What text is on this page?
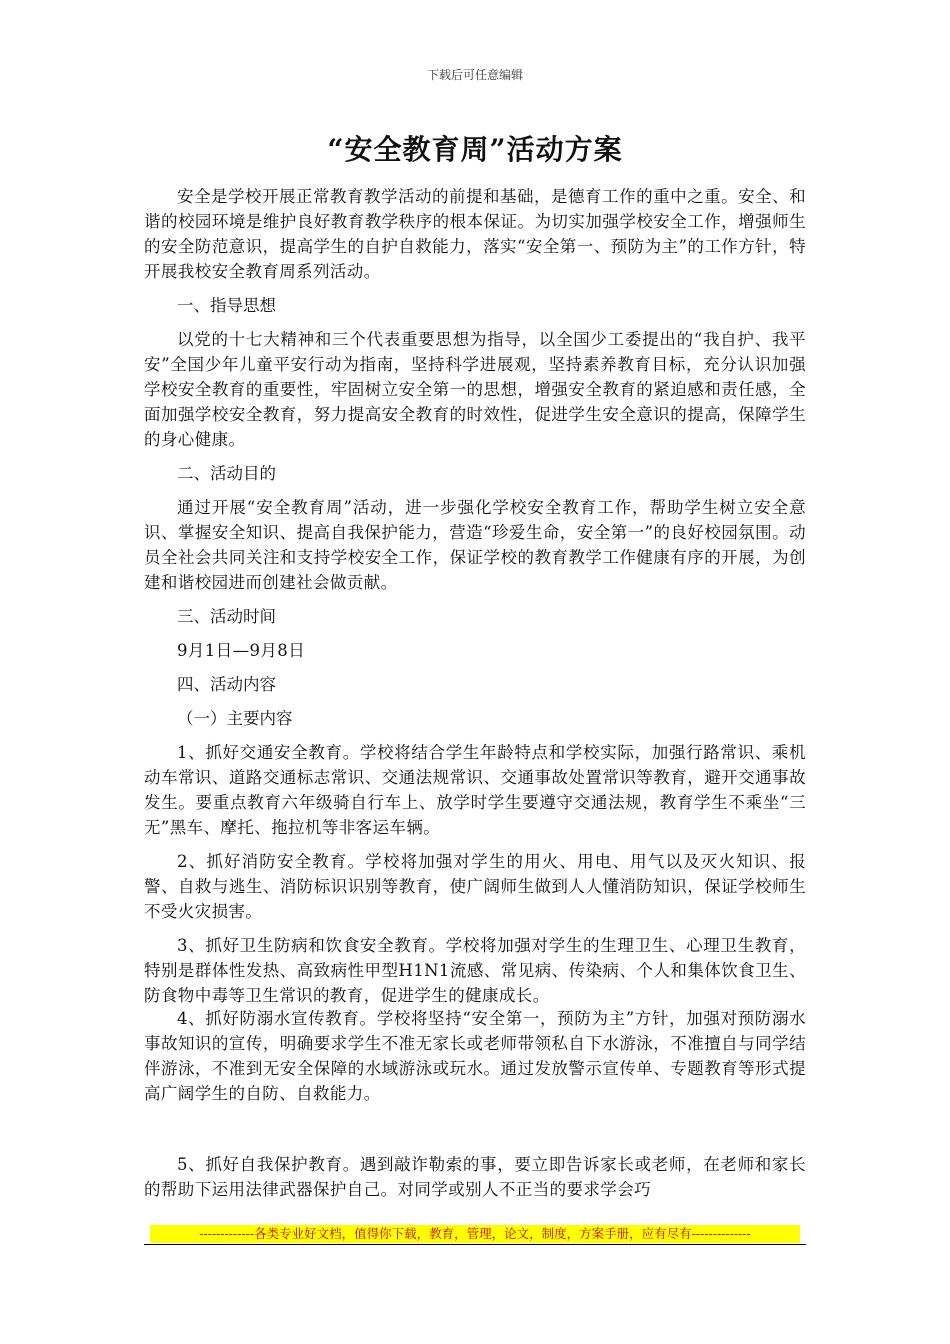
下载后可任意编辑
“安全教育周”活动方案

安全是学校开展正常教育教学活动的前提和基础，是德育工作的重中之重。安全、和谐的校园环境是维护良好教育教学秩序的根本保证。为切实加强学校安全工作，增强师生的安全防范意识，提高学生的自护自救能力，落实“安全第一、预防为主”的工作方针，特开展我校安全教育周系列活动。

一、指导思想

以党的十七大精神和三个代表重要思想为指导，以全国少工委提出的“我自护、我平安”全国少年儿童平安行动为指南，坚持科学进展观，坚持素养教育目标，充分认识加强学校安全教育的重要性，牢固树立安全第一的思想，增强安全教育的紧迫感和责任感，全面加强学校安全教育，努力提高安全教育的时效性，促进学生安全意识的提高，保障学生的身心健康。

二、活动目的

通过开展“安全教育周”活动，进一步强化学校安全教育工作，帮助学生树立安全意识、掌握安全知识、提高自我保护能力，营造“珍爱生命，安全第一”的良好校园氛围。动员全社会共同关注和支持学校安全工作，保证学校的教育教学工作健康有序的开展，为创建和谐校园进而创建社会做贡献。

三、活动时间

9月1日—9月8日

四、活动内容

（一）主要内容

1、抓好交通安全教育。学校将结合学生年龄特点和学校实际，加强行路常识、乘机动车常识、道路交通标志常识、交通法规常识、交通事故处置常识等教育，避开交通事故发生。要重点教育六年级骑自行车上、放学时学生要遵守交通法规，教育学生不乘坐“三无”黑车、摩托、拖拉机等非客运车辆。

2、抓好消防安全教育。学校将加强对学生的用火、用电、用气以及灭火知识、报警、自救与逃生、消防标识识别等教育，使广阔师生做到人人懂消防知识，保证学校师生不受火灾损害。

3、抓好卫生防病和饮食安全教育。学校将加强对学生的生理卫生、心理卫生教育，特别是群体性发热、高致病性甲型H1N1流感、常见病、传染病、个人和集体饮食卫生、防食物中毒等卫生常识的教育，促进学生的健康成长。

4、抓好防溺水宣传教育。学校将坚持“安全第一，预防为主”方针，加强对预防溺水事故知识的宣传，明确要求学生不准无家长或老师带领私自下水游泳，不准擅自与同学结伴游泳，不准到无安全保障的水域游泳或玩水。通过发放警示宣传单、专题教育等形式提高广阔学生的自防、自救能力。

5、抓好自我保护教育。遇到敲诈勒索的事，要立即告诉家长或老师，在老师和家长的帮助下运用法律武器保护自己。对同学或别人不正当的要求学会巧

-------------各类专业好文档，值得你下载，教育，管理，论文，制度，方案手册，应有尽有--------------
